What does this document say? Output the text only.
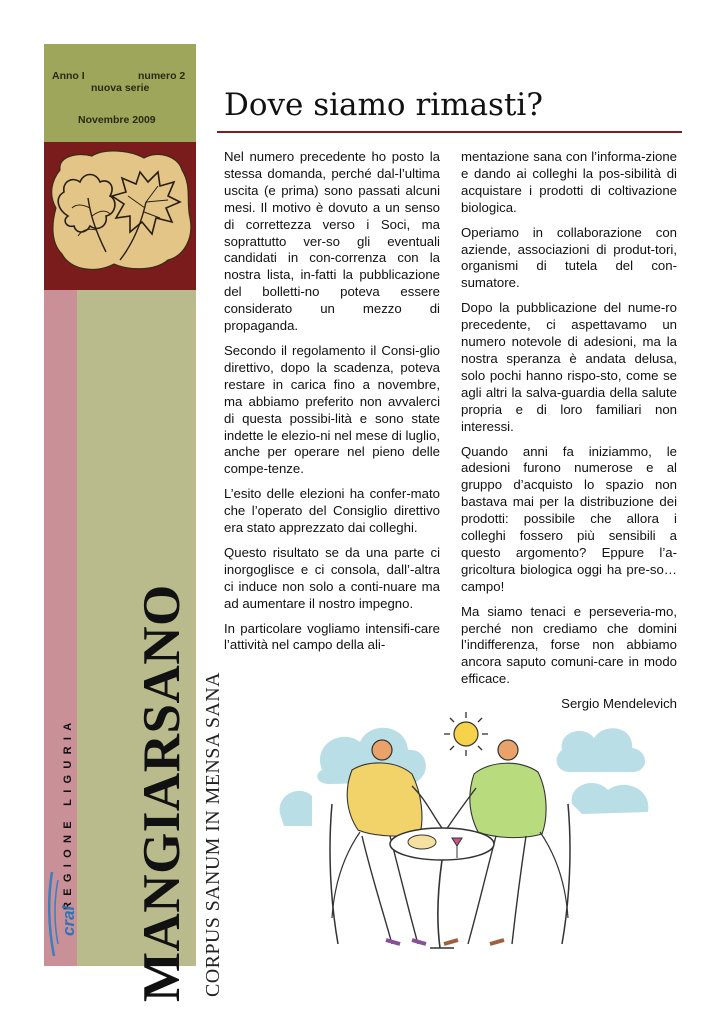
Anno I	numero 2
nuova serie
Novembre 2009
REGIONE LIGURIA MANGIARSANO CORPUS SANUM IN MENSA SANA
cral
Dove siamo rimasti?

Nel numero precedente ho posto la stessa domanda, perché dal-l’ultima uscita (e prima) sono passati alcuni mesi. Il motivo è dovuto a un senso di correttezza verso i Soci, ma soprattutto ver-so gli eventuali candidati in con-correnza con la nostra lista, in-fatti la pubblicazione del bolletti-no poteva essere considerato un mezzo di propaganda.

Secondo il regolamento il Consi-glio direttivo, dopo la scadenza, poteva restare in carica fino a novembre, ma abbiamo preferito non avvalerci di questa possibi-lità e sono state indette le elezio-ni nel mese di luglio, anche per operare nel pieno delle compe-tenze.

L’esito delle elezioni ha confer-mato che l’operato del Consiglio direttivo era stato apprezzato dai colleghi.

Questo risultato se da una parte ci inorgoglisce e ci consola, dall’-altra ci induce non solo a conti-nuare ma ad aumentare il nostro impegno.

In particolare vogliamo intensifi-care l’attività nel campo della ali-

mentazione sana con l’informa-zione e dando ai colleghi la pos-sibilità di acquistare i prodotti di coltivazione biologica.

Operiamo in collaborazione con aziende, associazioni di produt-tori, organismi di tutela del con-sumatore.

Dopo la pubblicazione del nume-ro precedente, ci aspettavamo un numero notevole di adesioni, ma la nostra speranza è andata delusa, solo pochi hanno rispo-sto, come se agli altri la salva-guardia della salute propria e di loro familiari non interessi.

Quando anni fa iniziammo, le adesioni furono numerose e al gruppo d’acquisto lo spazio non bastava mai per la distribuzione dei prodotti: possibile che allora i colleghi fossero più sensibili a questo argomento? Eppure l’a-gricoltura biologica oggi ha pre-so… campo!

Ma siamo tenaci e perseveria-mo, perché non crediamo che domini l’indifferenza, forse non abbiamo ancora saputo comuni-care in modo efficace.

Sergio Mendelevich
